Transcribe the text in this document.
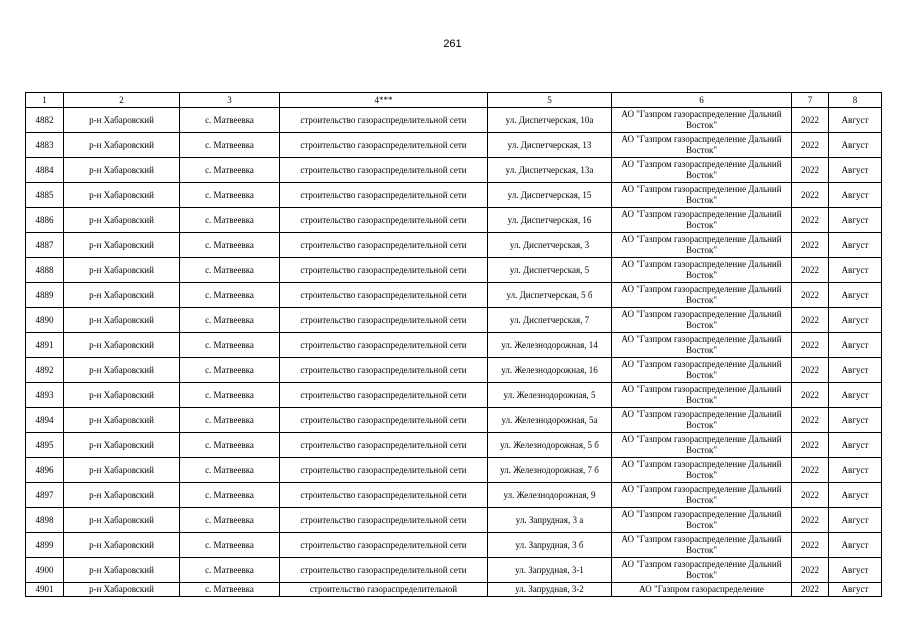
261
1	2	3	4***	5	6	7	8
4882	р-н Хабаровский	с. Матвеевка	строительство газораспределительной сети	ул. Диспетчерская, 10а	АО "Газпром газораспределение Дальний Восток"	2022	Август
4883	р-н Хабаровский	с. Матвеевка	строительство газораспределительной сети	ул. Диспетчерская, 13	АО "Газпром газораспределение Дальний Восток"	2022	Август
4884	р-н Хабаровский	с. Матвеевка	строительство газораспределительной сети	ул. Диспетчерская, 13а	АО "Газпром газораспределение Дальний Восток"	2022	Август
4885	р-н Хабаровский	с. Матвеевка	строительство газораспределительной сети	ул. Диспетчерская, 15	АО "Газпром газораспределение Дальний Восток"	2022	Август
4886	р-н Хабаровский	с. Матвеевка	строительство газораспределительной сети	ул. Диспетчерская, 16	АО "Газпром газораспределение Дальний Восток"	2022	Август
4887	р-н Хабаровский	с. Матвеевка	строительство газораспределительной сети	ул. Диспетчерская, 3	АО "Газпром газораспределение Дальний Восток"	2022	Август
4888	р-н Хабаровский	с. Матвеевка	строительство газораспределительной сети	ул. Диспетчерская, 5	АО "Газпром газораспределение Дальний Восток"	2022	Август
4889	р-н Хабаровский	с. Матвеевка	строительство газораспределительной сети	ул. Диспетчерская, 5 б	АО "Газпром газораспределение Дальний Восток"	2022	Август
4890	р-н Хабаровский	с. Матвеевка	строительство газораспределительной сети	ул. Диспетчерская, 7	АО "Газпром газораспределение Дальний Восток"	2022	Август
4891	р-н Хабаровский	с. Матвеевка	строительство газораспределительной сети	ул. Железнодорожная, 14	АО "Газпром газораспределение Дальний Восток"	2022	Август
4892	р-н Хабаровский	с. Матвеевка	строительство газораспределительной сети	ул. Железнодорожная, 16	АО "Газпром газораспределение Дальний Восток"	2022	Август
4893	р-н Хабаровский	с. Матвеевка	строительство газораспределительной сети	ул. Железнодорожная, 5	АО "Газпром газораспределение Дальний Восток"	2022	Август
4894	р-н Хабаровский	с. Матвеевка	строительство газораспределительной сети	ул. Железнодорожная, 5а	АО "Газпром газораспределение Дальний Восток"	2022	Август
4895	р-н Хабаровский	с. Матвеевка	строительство газораспределительной сети	ул. Железнодорожная, 5 б	АО "Газпром газораспределение Дальний Восток"	2022	Август
4896	р-н Хабаровский	с. Матвеевка	строительство газораспределительной сети	ул. Железнодорожная, 7 б	АО "Газпром газораспределение Дальний Восток"	2022	Август
4897	р-н Хабаровский	с. Матвеевка	строительство газораспределительной сети	ул. Железнодорожная, 9	АО "Газпром газораспределение Дальний Восток"	2022	Август
4898	р-н Хабаровский	с. Матвеевка	строительство газораспределительной сети	ул. Запрудная, 3 а	АО "Газпром газораспределение Дальний Восток"	2022	Август
4899	р-н Хабаровский	с. Матвеевка	строительство газораспределительной сети	ул. Запрудная, 3 б	АО "Газпром газораспределение Дальний Восток"	2022	Август
4900	р-н Хабаровский	с. Матвеевка	строительство газораспределительной сети	ул. Запрудная, 3-1	АО "Газпром газораспределение Дальний Восток"	2022	Август
4901	р-н Хабаровский	с. Матвеевка	строительство газораспределительной	ул. Запрудная, 3-2	АО "Газпром газораспределение	2022	Август
